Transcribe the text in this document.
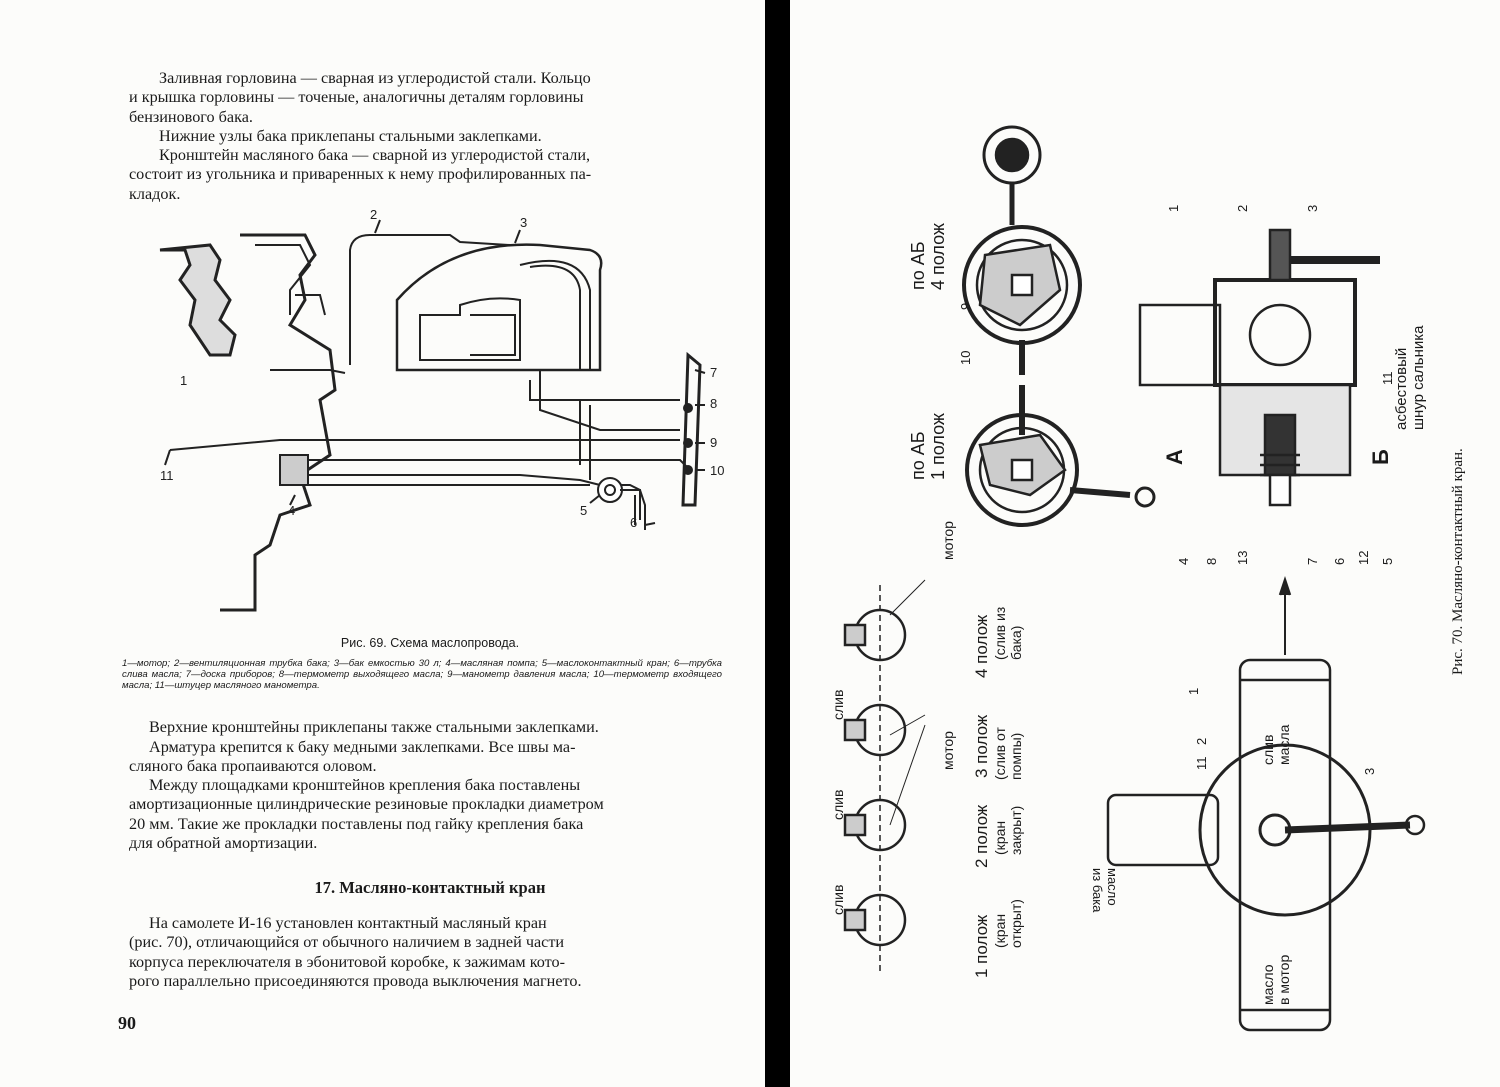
Заливная горловина — сварная из углеродистой стали. Кольцо
и крышка горловины — точеные, аналогичны деталям горловины
бензинового бака.

Нижние узлы бака приклепаны стальными заклепками.

Кронштейн масляного бака — сварной из углеродистой стали,
состоит из угольника и приваренных к нему профилированных па-
кладок.

2
3
1
7
8
9
10
4	5
6
11
Рис. 69. Схема маслопровода.
1—мотор; 2—вентиляционная трубка бака; 3—бак емкостью 30 л; 4—масляная помпа; 5—маслоконтактный кран; 6—трубка слива масла; 7—доска приборов; 8—термометр выходящего масла; 9—манометр давления масла; 10—термометр входящего масла; 11—штуцер масляного манометра.

Верхние кронштейны приклепаны также стальными заклепками.

Арматура крепится к баку медными заклепками. Все швы ма-
сляного бака пропаиваются оловом.

Между площадками кронштейнов крепления бака поставлены
амортизационные цилиндрические резиновые прокладки диаметром
20 мм. Такие же прокладки поставлены под гайку крепления бака
для обратной амортизации.

17. Масляно-контактный кран

На самолете И-16 установлен контактный масляный кран
(рис. 70), отличающийся от обычного наличием в задней части
корпуса переключателя в эбонитовой коробке, к зажимам кото-
рого параллельно присоединяются провода выключения магнето.

90
по АБ
4 полож
по АБ
1 полож
9
10	асбестовый
шнур сальника
А	Б
1	2	3
11
4 8 13	7 6 12 5
мотор
мотор
слив
слив
слив
1 полож (кран
открыт)
2 полож (кран
закрыт)
3 полож (слив от
помпы)
4 полож (слив из
бака)
слив
масла
масло
из бака
масло
в мотор
1
11
2
3
Рис. 70. Масляно-контактный кран.
